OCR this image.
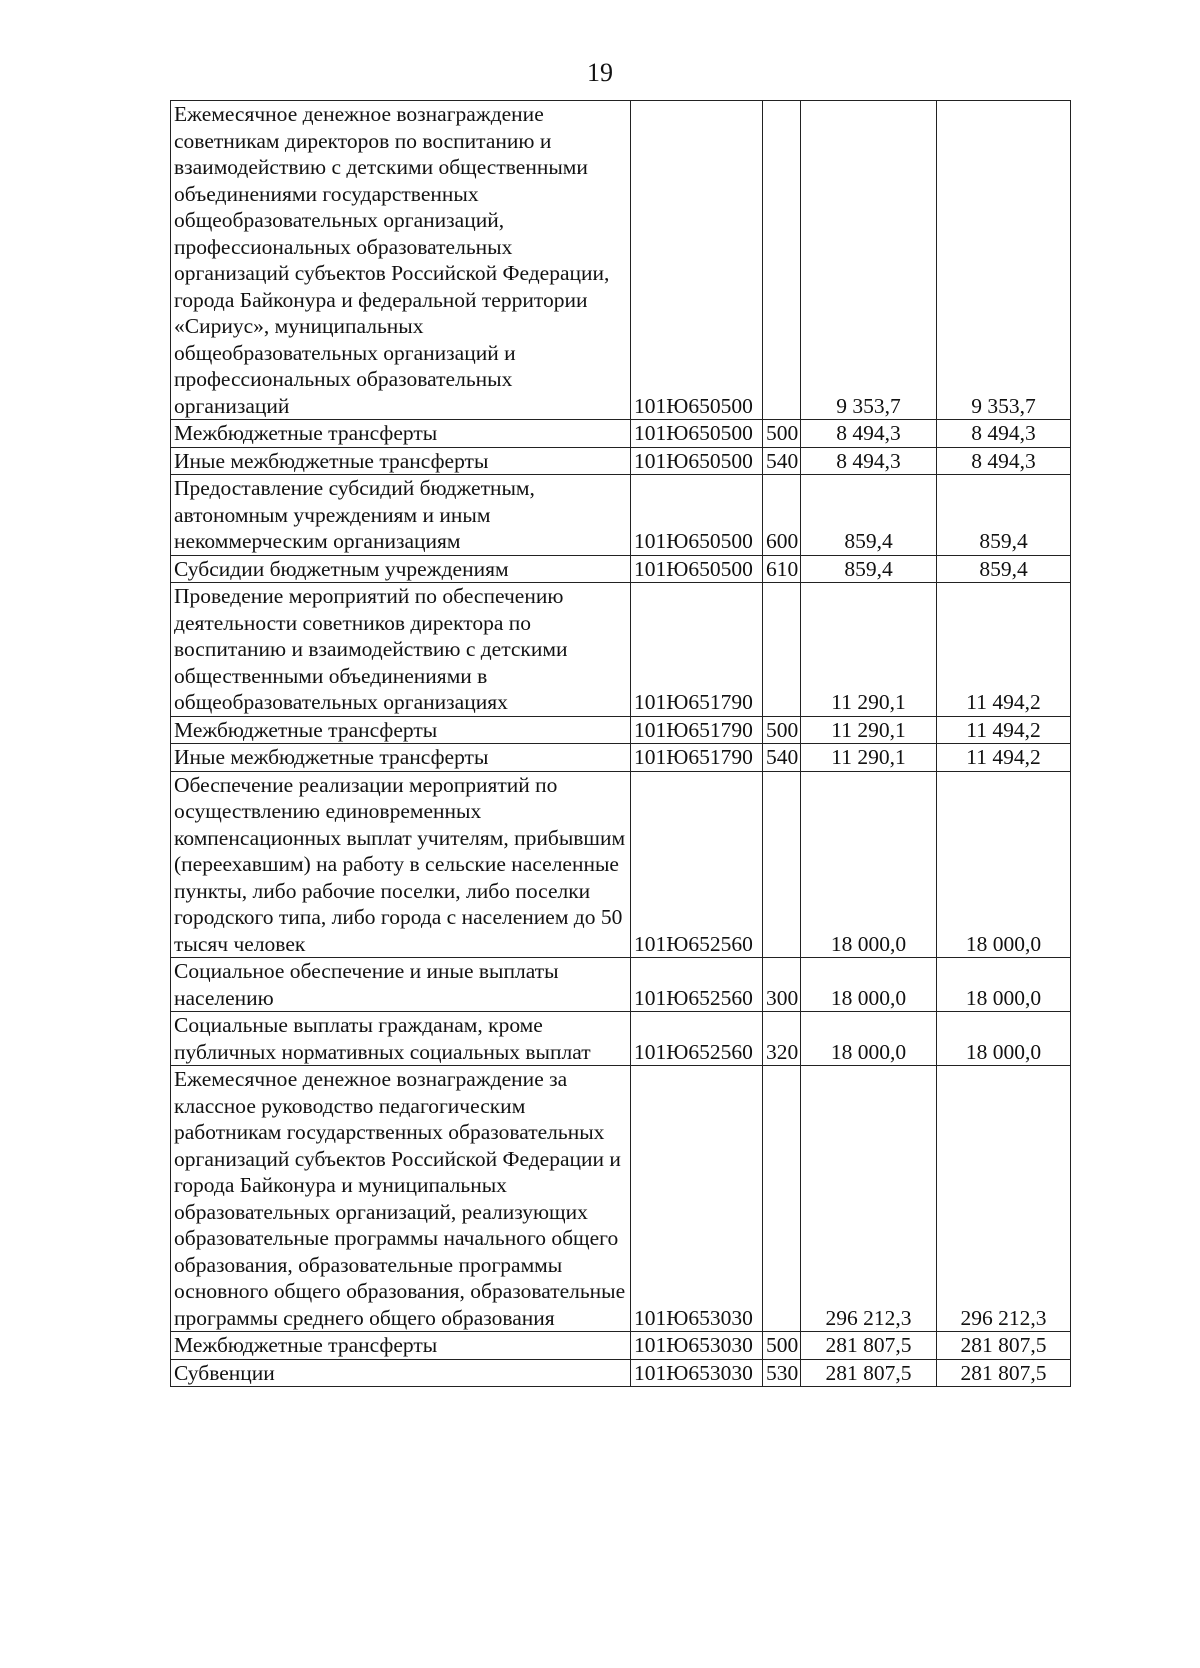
19
Ежемесячное денежное вознаграждение советникам директоров по воспитанию и взаимодействию с детскими общественными объединениями государственных общеобразовательных организаций, профессиональных образовательных организаций субъектов Российской Федерации, города Байконура и федеральной территории «Сириус», муниципальных общеобразовательных организаций и профессиональных образовательных организаций	101Ю650500		9 353,7	9 353,7

Межбюджетные трансферты	101Ю650500	500	8 494,3	8 494,3

Иные межбюджетные трансферты	101Ю650500	540	8 494,3	8 494,3

Предоставление субсидий бюджетным, автономным учреждениям и иным некоммерческим организациям	101Ю650500	600	859,4	859,4

Субсидии бюджетным учреждениям	101Ю650500	610	859,4	859,4

Проведение мероприятий по обеспечению деятельности советников директора по воспитанию и взаимодействию с детскими общественными объединениями в общеобразовательных организациях	101Ю651790		11 290,1	11 494,2

Межбюджетные трансферты	101Ю651790	500	11 290,1	11 494,2

Иные межбюджетные трансферты	101Ю651790	540	11 290,1	11 494,2

Обеспечение реализации мероприятий по осуществлению единовременных компенсационных выплат учителям, прибывшим (переехавшим) на работу в сельские населенные пункты, либо рабочие поселки, либо поселки городского типа, либо города с населением до 50 тысяч человек	101Ю652560		18 000,0	18 000,0

Социальное обеспечение и иные выплаты населению	101Ю652560	300	18 000,0	18 000,0

Социальные выплаты гражданам, кроме публичных нормативных социальных выплат	101Ю652560	320	18 000,0	18 000,0

Ежемесячное денежное вознаграждение за классное руководство педагогическим работникам государственных образовательных организаций субъектов Российской Федерации и города Байконура и муниципальных образовательных организаций, реализующих образовательные программы начального общего образования, образовательные программы основного общего образования, образовательные программы среднего общего образования	101Ю653030		296 212,3	296 212,3

Межбюджетные трансферты	101Ю653030	500	281 807,5	281 807,5

Субвенции	101Ю653030	530	281 807,5	281 807,5
